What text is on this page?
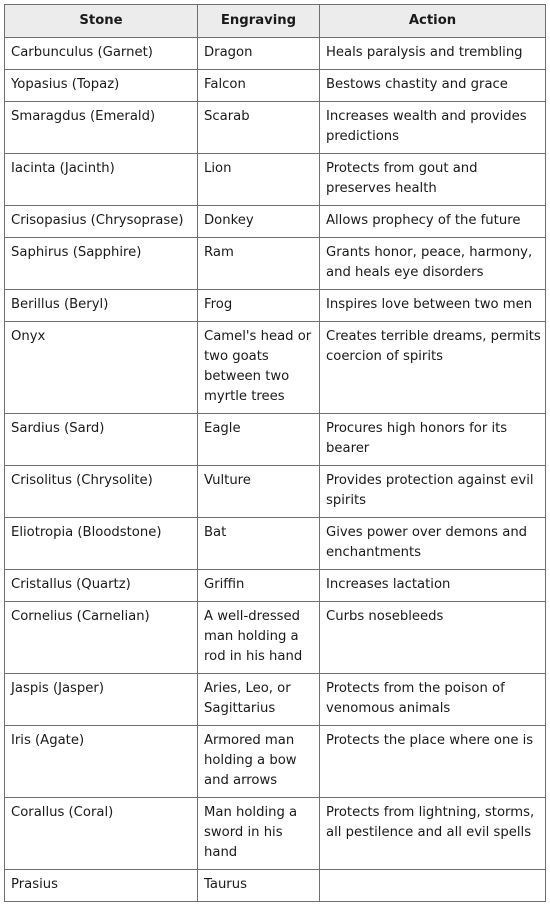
Stone	Engraving	Action
Carbunculus (Garnet)	Dragon	Heals paralysis and trembling
Yopasius (Topaz)	Falcon	Bestows chastity and grace
Smaragdus (Emerald)	Scarab	Increases wealth and provides predictions
Iacinta (Jacinth)	Lion	Protects from gout and preserves health
Crisopasius (Chrysoprase)	Donkey	Allows prophecy of the future
Saphirus (Sapphire)	Ram	Grants honor, peace, harmony, and heals eye disorders
Berillus (Beryl)	Frog	Inspires love between two men
Onyx	Camel's head or two goats between two myrtle trees	Creates terrible dreams, permits coercion of spirits
Sardius (Sard)	Eagle	Procures high honors for its bearer
Crisolitus (Chrysolite)	Vulture	Provides protection against evil spirits
Eliotropia (Bloodstone)	Bat	Gives power over demons and enchantments
Cristallus (Quartz)	Griffin	Increases lactation
Cornelius (Carnelian)	A well-dressed man holding a rod in his hand	Curbs nosebleeds
Jaspis (Jasper)	Aries, Leo, or Sagittarius	Protects from the poison of venomous animals
Iris (Agate)	Armored man holding a bow and arrows	Protects the place where one is
Corallus (Coral)	Man holding a sword in his hand	Protects from lightning, storms, all pestilence and all evil spells
Prasius	Taurus	
